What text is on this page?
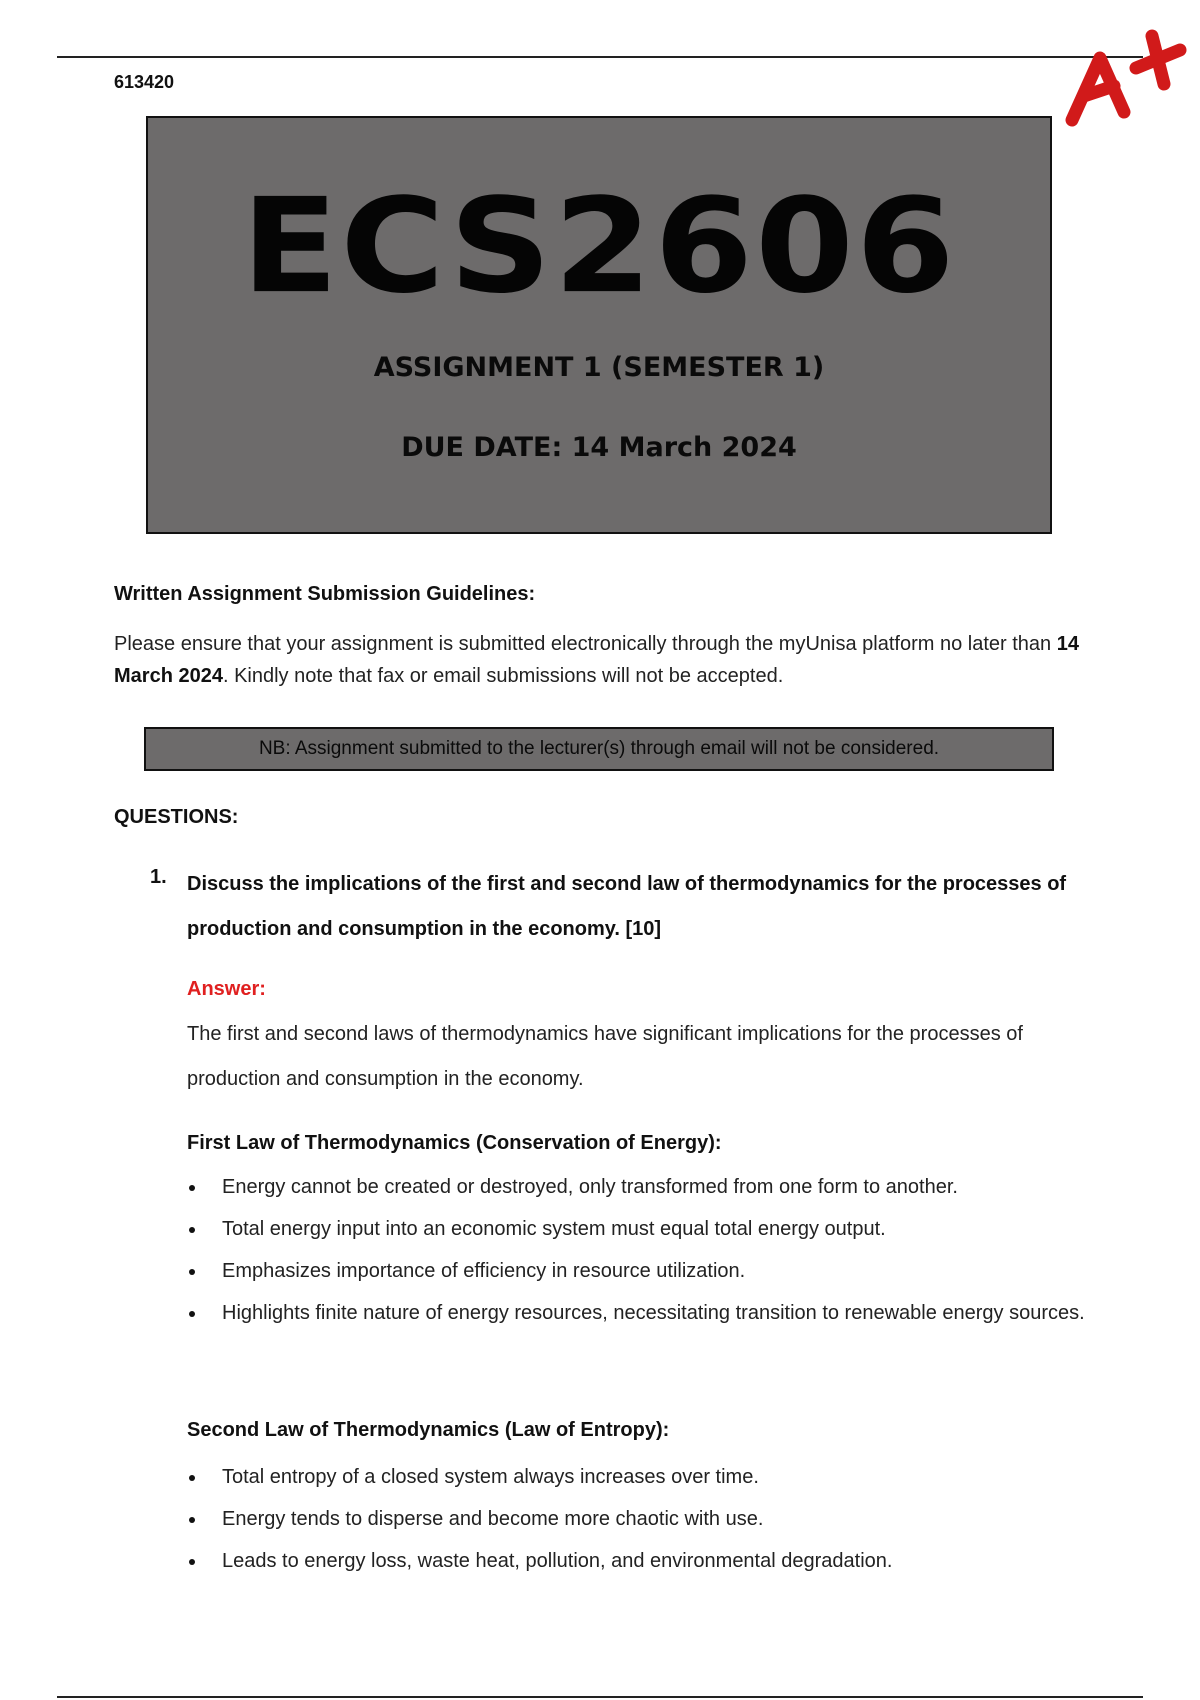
613420
ECS2606
ASSIGNMENT 1 (SEMESTER 1)
DUE DATE: 14 March 2024
Written Assignment Submission Guidelines:
Please ensure that your assignment is submitted electronically through the myUnisa platform no later than 14 March 2024. Kindly note that fax or email submissions will not be accepted.
NB: Assignment submitted to the lecturer(s) through email will not be considered.
QUESTIONS:
1. Discuss the implications of the first and second law of thermodynamics for the processes of production and consumption in the economy. [10]
Answer:
The first and second laws of thermodynamics have significant implications for the processes of production and consumption in the economy.
First Law of Thermodynamics (Conservation of Energy):
Energy cannot be created or destroyed, only transformed from one form to another.
Total energy input into an economic system must equal total energy output.
Emphasizes importance of efficiency in resource utilization.
Highlights finite nature of energy resources, necessitating transition to renewable energy sources.
Second Law of Thermodynamics (Law of Entropy):
Total entropy of a closed system always increases over time.
Energy tends to disperse and become more chaotic with use.
Leads to energy loss, waste heat, pollution, and environmental degradation.
